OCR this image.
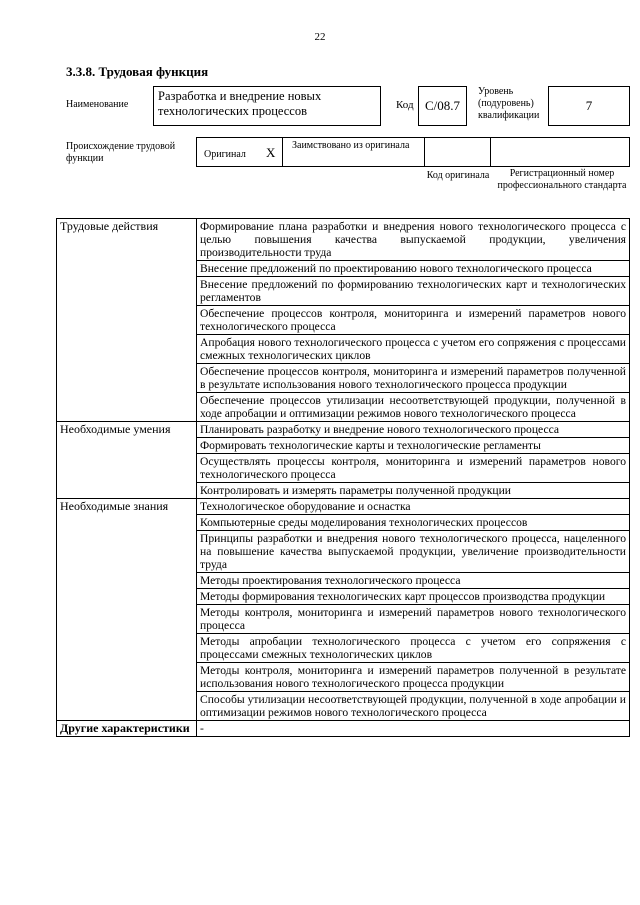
22
3.3.8. Трудовая функция
Наименование
Разработка и внедрение новых технологических процессов	Код C/08.7
Уровень (подуровень) квалификации
7
Происхождение трудовой функции	Оригинал X Заимствовано из оригинала
Код оригинала	Регистрационный номер профессионального стандарта
Трудовые действия	Формирование плана разработки и внедрения нового технологического процесса с целью повышения качества выпускаемой продукции, увеличения производительности труда
	Внесение предложений по проектированию нового технологического процесса
	Внесение предложений по формированию технологических карт и технологических регламентов
	Обеспечение процессов контроля, мониторинга и измерений параметров нового технологического процесса
	Апробация нового технологического процесса с учетом его сопряжения с процессами смежных технологических циклов
	Обеспечение процессов контроля, мониторинга и измерений параметров полученной в результате использования нового технологического процесса продукции
	Обеспечение процессов утилизации несоответствующей продукции, полученной в ходе апробации и оптимизации режимов нового технологического процесса
Необходимые умения	Планировать разработку и внедрение нового технологического процесса
	Формировать технологические карты и технологические регламенты
	Осуществлять процессы контроля, мониторинга и измерений параметров нового технологического процесса
	Контролировать и измерять параметры полученной продукции
Необходимые знания	Технологическое оборудование и оснастка
	Компьютерные среды моделирования технологических процессов
	Принципы разработки и внедрения нового технологического процесса, нацеленного на повышение качества выпускаемой продукции, увеличение производительности труда
	Методы проектирования технологического процесса
	Методы формирования технологических карт процессов производства продукции
	Методы контроля, мониторинга и измерений параметров нового технологического процесса
	Методы апробации технологического процесса с учетом его сопряжения с процессами смежных технологических циклов
	Методы контроля, мониторинга и измерений параметров полученной в результате использования нового технологического процесса продукции
	Способы утилизации несоответствующей продукции, полученной в ходе апробации и оптимизации режимов нового технологического процесса
Другие характеристики	-
